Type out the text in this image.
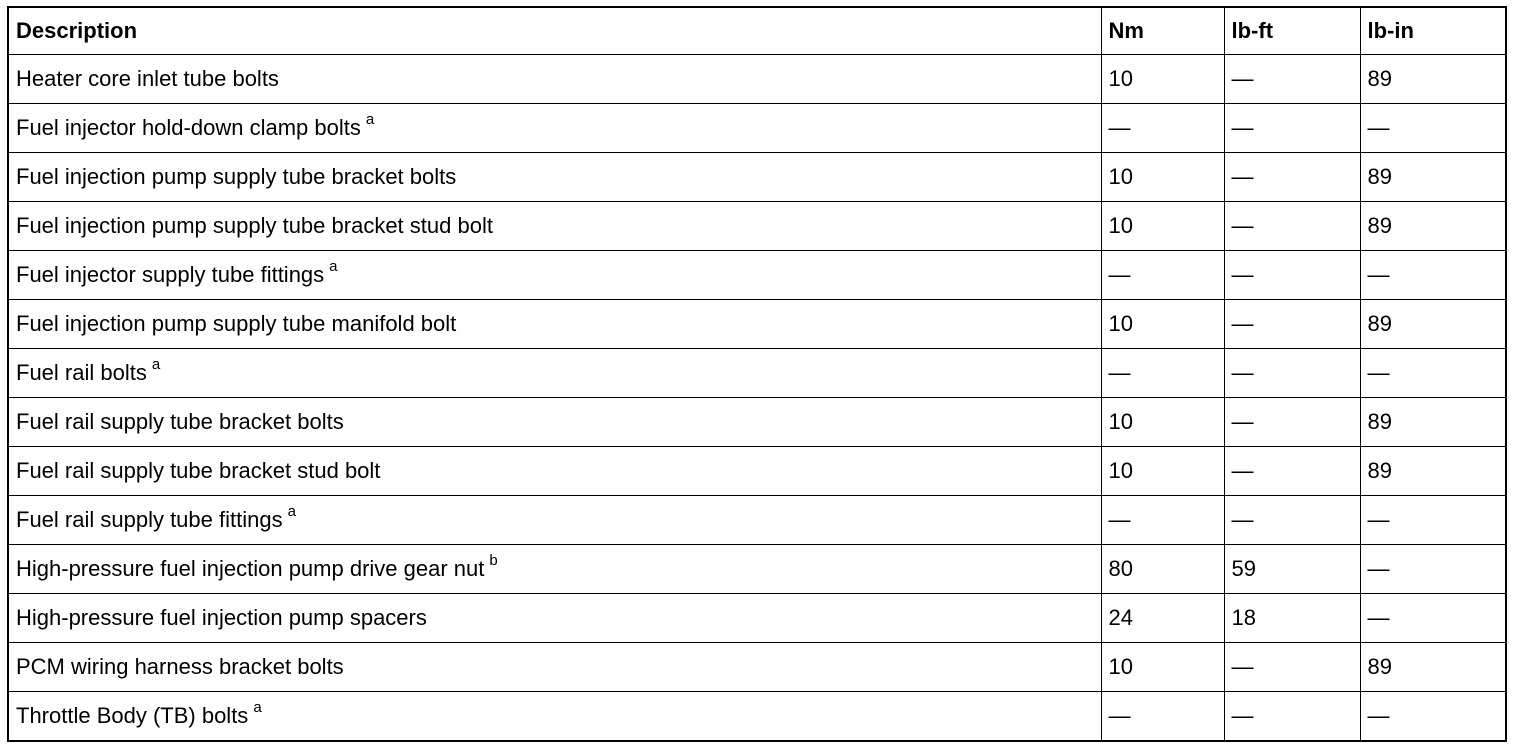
Description	Nm	lb-ft	lb-in
Heater core inlet tube bolts	10	—	89
Fuel injector hold-down clamp bolts $^a$	—	—	—
Fuel injection pump supply tube bracket bolts	10	—	89
Fuel injection pump supply tube bracket stud bolt	10	—	89
Fuel injector supply tube fittings $^a$	—	—	—
Fuel injection pump supply tube manifold bolt	10	—	89
Fuel rail bolts $^a$	—	—	—
Fuel rail supply tube bracket bolts	10	—	89
Fuel rail supply tube bracket stud bolt	10	—	89
Fuel rail supply tube fittings $^a$	—	—	—
High-pressure fuel injection pump drive gear nut $^b$	80	59	—
High-pressure fuel injection pump spacers	24	18	—
PCM wiring harness bracket bolts	10	—	89
Throttle Body (TB) bolts $^a$	—	—	—
